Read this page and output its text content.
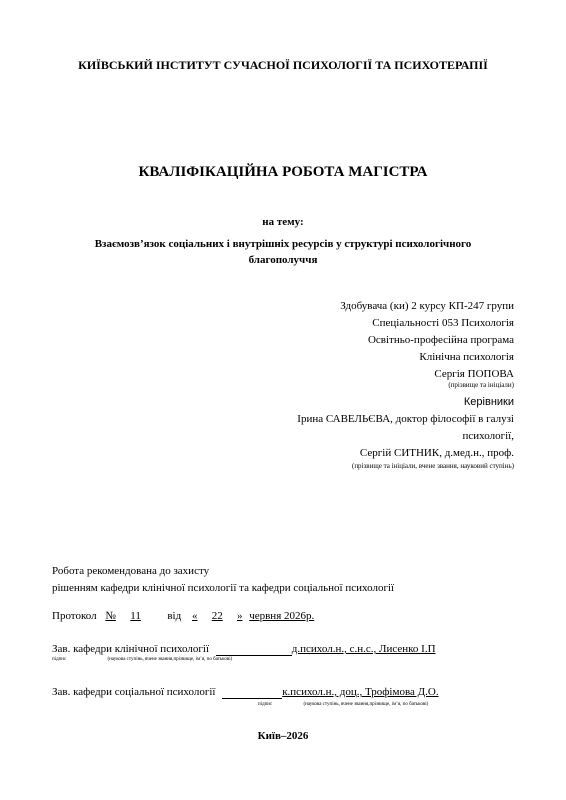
КИЇВСЬКИЙ ІНСТИТУТ СУЧАСНОЇ ПСИХОЛОГІЇ ТА ПСИХОТЕРАПІЇ
КВАЛІФІКАЦІЙНА РОБОТА МАГІСТРА
на тему:
Взаємозв’язок соціальних і внутрішніх ресурсів у структурі психологічного
благополуччя
Здобувача (ки) 2 курсу КП-247 групи
Спеціальності 053 Психологія
Освітньо-професійна програма
Клінічна психологія
Сергія ПОПОВА
(прізвище та ініціали)
Керівники
Ірина САВЕЛЬЄВА, доктор філософії в галузі
психології,
Сергій СИТНИК, д.мед.н., проф.
(прізвище та ініціали, вчене звання, науковий ступінь)
Робота рекомендована до захисту
рішенням кафедри клінічної психології та кафедри соціальної психології
Протокол № 11 від « 22 » червня 2026р.
Зав. кафедри клінічної психології	д.психол.н., с.н.с., Лисенко І.П
підпис	(наукова ступінь, вчене звання,прізвище, ім’я, по батькові)
Зав. кафедри соціальної психології	к.психол.н., доц., Трофімова Д.О.
підпис	(наукова ступінь, вчене звання,прізвище, ім’я, по батькові)
Київ–2026
